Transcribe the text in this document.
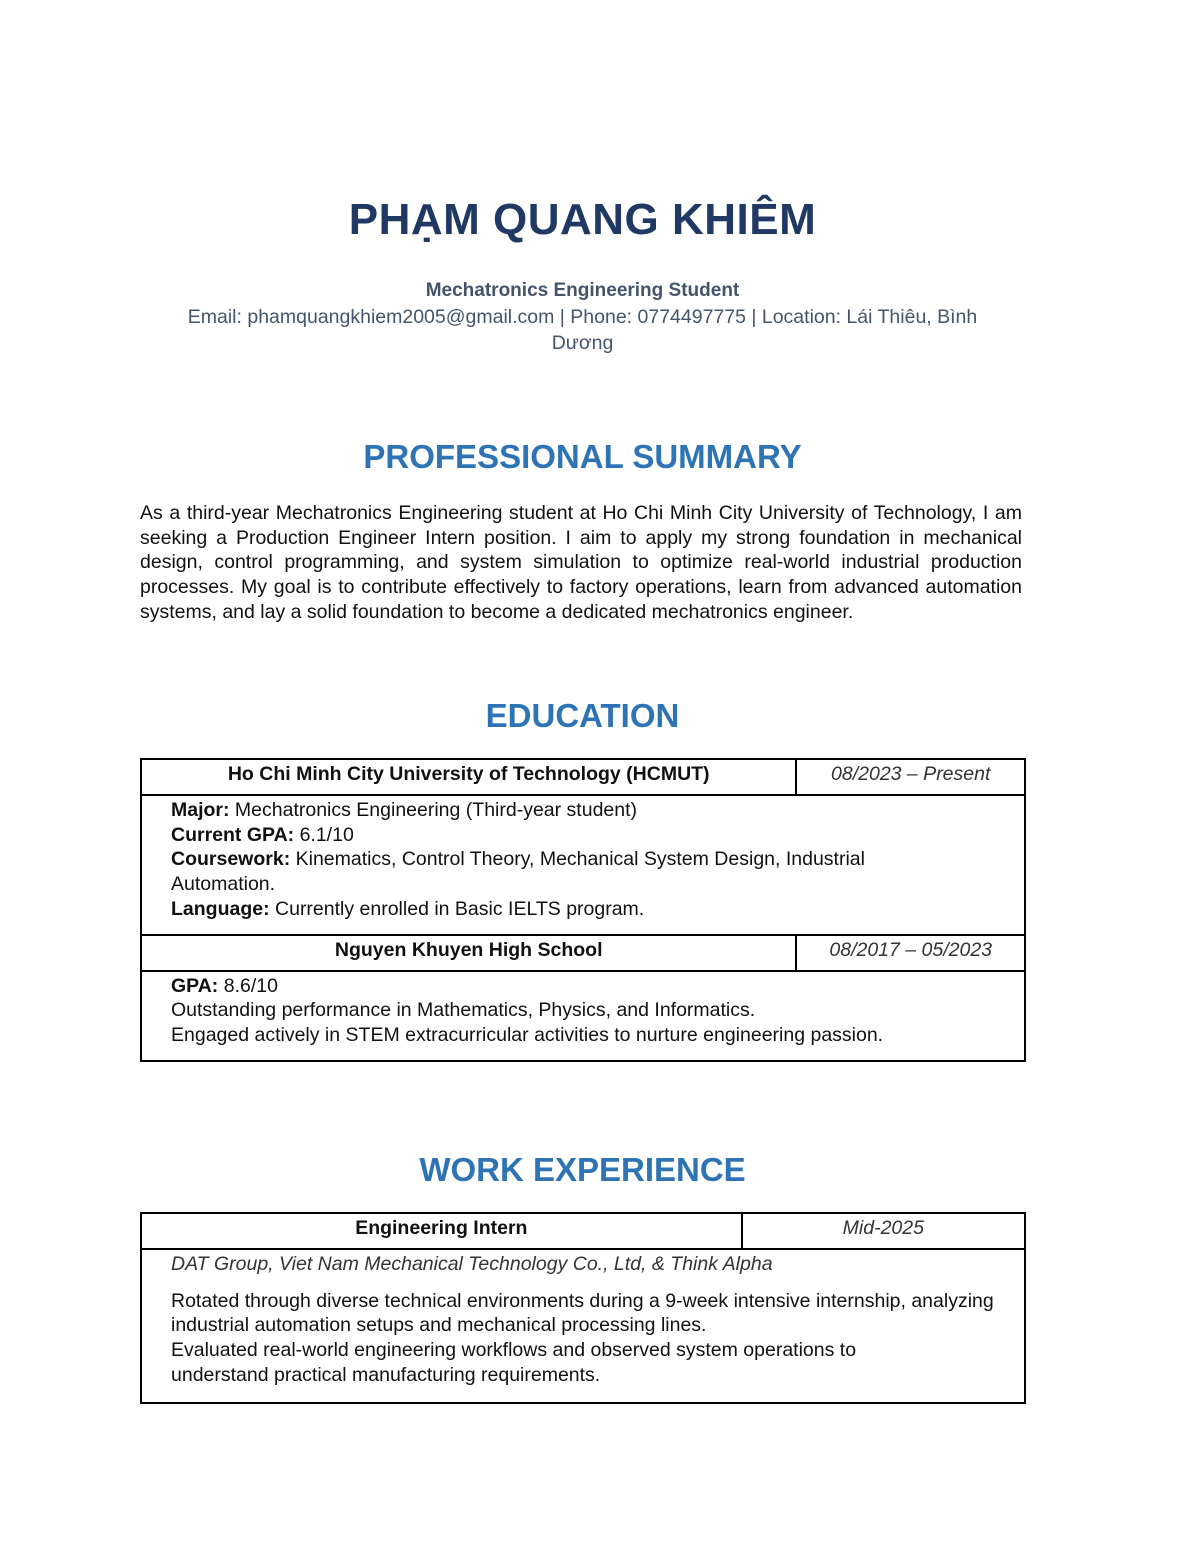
PHẠM QUANG KHIÊM
Mechatronics Engineering Student
Email: phamquangkhiem2005@gmail.com | Phone: 0774497775 | Location: Lái Thiêu, Bình
Dương
PROFESSIONAL SUMMARY
As a third-year Mechatronics Engineering student at Ho Chi Minh City University of Technology, I am seeking a Production Engineer Intern position. I aim to apply my strong foundation in mechanical design, control programming, and system simulation to optimize real-world industrial production processes. My goal is to contribute effectively to factory operations, learn from advanced automation systems, and lay a solid foundation to become a dedicated mechatronics engineer.
EDUCATION
Ho Chi Minh City University of Technology (HCMUT)	08/2023 – Present

Major: Mechatronics Engineering (Third-year student)
Current GPA: 6.1/10
Coursework: Kinematics, Control Theory, Mechanical System Design, Industrial Automation.
Language: Currently enrolled in Basic IELTS program.	

Nguyen Khuyen High School	08/2017 – 05/2023

GPA: 8.6/10
Outstanding performance in Mathematics, Physics, and Informatics.
Engaged actively in STEM extracurricular activities to nurture engineering passion.	
WORK EXPERIENCE
Engineering Intern	Mid-2025

DAT Group, Viet Nam Mechanical Technology Co., Ltd, & Think Alpha
Rotated through diverse technical environments during a 9-week intensive internship, analyzing industrial automation setups and mechanical processing lines.
Evaluated real-world engineering workflows and observed system operations to understand practical manufacturing requirements.
